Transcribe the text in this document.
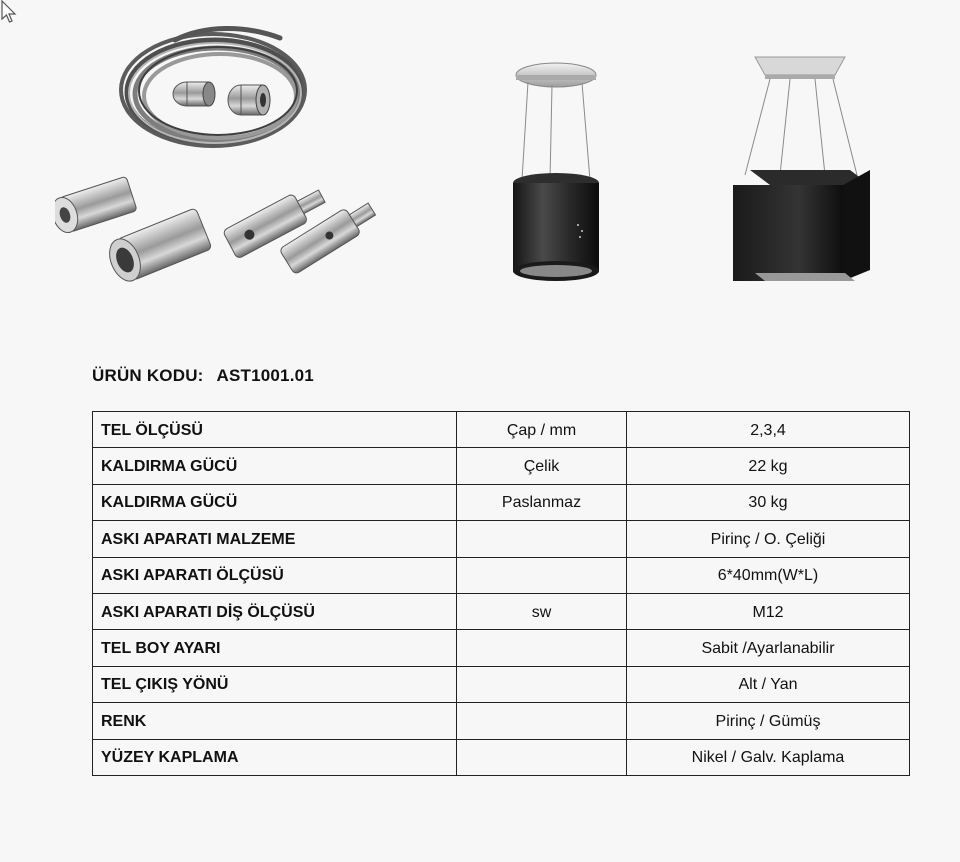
ÜRÜN KODU: AST1001.01
TEL ÖLÇÜSÜ	Çap / mm	2,3,4
KALDIRMA GÜCÜ	Çelik	22 kg
KALDIRMA GÜCÜ	Paslanmaz	30 kg
ASKI APARATI MALZEME		Pirinç / O. Çeliği
ASKI APARATI ÖLÇÜSÜ		6*40mm(W*L)
ASKI APARATI DİŞ ÖLÇÜSÜ	sw	M12
TEL BOY AYARI		Sabit /Ayarlanabilir
TEL ÇIKIŞ YÖNÜ		Alt / Yan
RENK		Pirinç / Gümüş
YÜZEY KAPLAMA		Nikel / Galv. Kaplama
